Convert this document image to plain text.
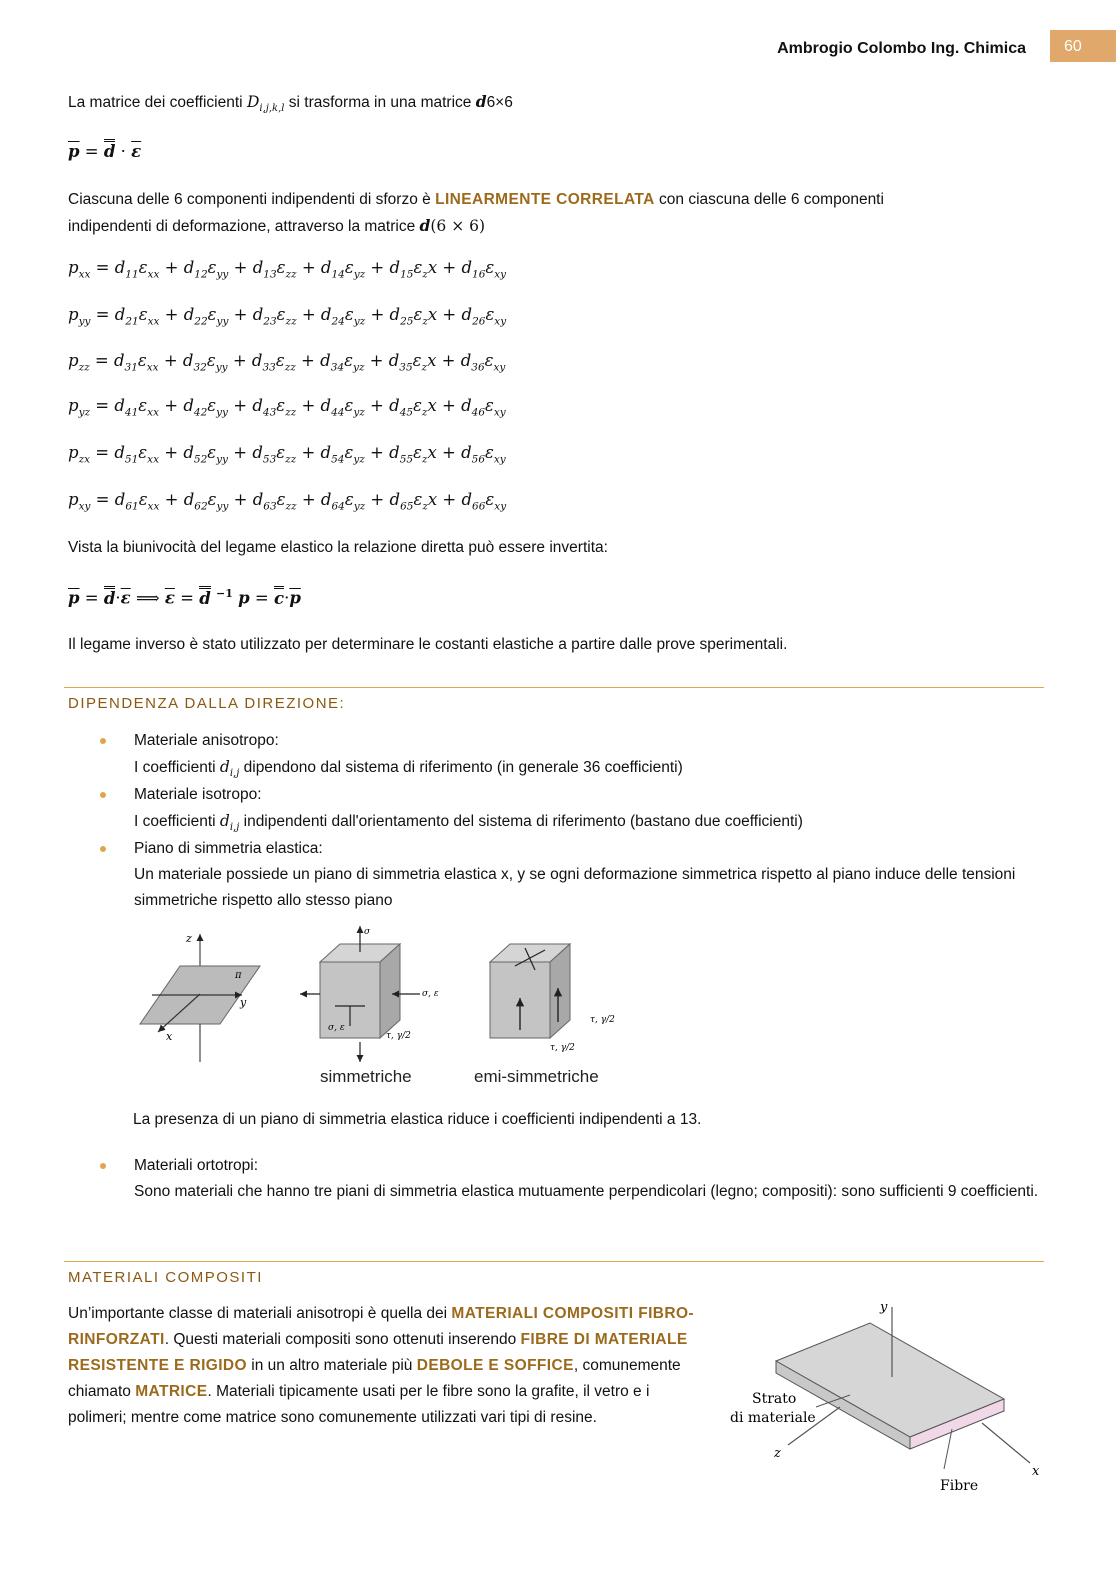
Ambrogio Colombo Ing. Chimica	60
La matrice dei coefficienti $D_{i,j,k,l}$ si trasforma in una matrice d6×6
$\overline{p} = d \cdot \overline{\varepsilon}$
Ciascuna delle 6 componenti indipendenti di sforzo è LINEARMENTE CORRELATA con ciascuna delle 6 componenti
indipendenti di deformazione, attraverso la matrice d(6 × 6)
$p_{xx} = d_{11}\varepsilon_{xx} + d_{12}\varepsilon_{yy} + d_{13}\varepsilon_{zz} + d_{14}\varepsilon_{yz} + d_{15}\varepsilon_zx + d_{16}\varepsilon_{xy}$
$p_{yy} = d_{21}\varepsilon_{xx} + d_{22}\varepsilon_{yy} + d_{23}\varepsilon_{zz} + d_{24}\varepsilon_{yz} + d_{25}\varepsilon_zx + d_{26}\varepsilon_{xy}$
$p_{zz} = d_{31}\varepsilon_{xx} + d_{32}\varepsilon_{yy} + d_{33}\varepsilon_{zz} + d_{34}\varepsilon_{yz} + d_{35}\varepsilon_zx + d_{36}\varepsilon_{xy}$
$p_{yz} = d_{41}\varepsilon_{xx} + d_{42}\varepsilon_{yy} + d_{43}\varepsilon_{zz} + d_{44}\varepsilon_{yz} + d_{45}\varepsilon_zx + d_{46}\varepsilon_{xy}$
$p_{zx} = d_{51}\varepsilon_{xx} + d_{52}\varepsilon_{yy} + d_{53}\varepsilon_{zz} + d_{54}\varepsilon_{yz} + d_{55}\varepsilon_zx + d_{56}\varepsilon_{xy}$
$p_{xy} = d_{61}\varepsilon_{xx} + d_{62}\varepsilon_{yy} + d_{63}\varepsilon_{zz} + d_{64}\varepsilon_{yz} + d_{65}\varepsilon_zx + d_{66}\varepsilon_{xy}$
Vista la biunivocità del legame elastico la relazione diretta può essere invertita:
$\overline{p} = d\cdot\overline{\varepsilon}$ ⟹ $\overline{\varepsilon} = d$ $^{-1}$ $p = c\cdot\overline{p}$
Il legame inverso è stato utilizzato per determinare le costanti elastiche a partire dalle prove sperimentali.
DIPENDENZA DALLA DIREZIONE:
Materiale anisotropo:
I coefficienti $d_{i,j}$ dipendono dal sistema di riferimento (in generale 36 coefficienti)
Materiale isotropo:
I coefficienti $d_{i,j}$ indipendenti dall'orientamento del sistema di riferimento (bastano due coefficienti)
Piano di simmetria elastica:
Un materiale possiede un piano di simmetria elastica x, y se ogni deformazione simmetrica rispetto al piano induce delle tensioni simmetriche rispetto allo stesso piano
z
π
y
x
σ
σ, ε
σ, ε
τ, γ/2
τ, γ/2
τ, γ/2
simmetriche	emi-simmetriche
La presenza di un piano di simmetria elastica riduce i coefficienti indipendenti a 13.
Materiali ortotropi:
Sono materiali che hanno tre piani di simmetria elastica mutuamente perpendicolari (legno; compositi): sono sufficienti 9 coefficienti.
MATERIALI COMPOSITI
Un’importante classe di materiali anisotropi è quella dei MATERIALI COMPOSITI FIBRO-RINFORZATI. Questi materiali compositi sono ottenuti inserendo FIBRE DI MATERIALE RESISTENTE E RIGIDO in un altro materiale più DEBOLE E SOFFICE, comunemente chiamato MATRICE. Materiali tipicamente usati per le fibre sono la grafite, il vetro e i polimeri; mentre come matrice sono comunemente utilizzati vari tipi di resine.
y
z
x
Strato
di materiale
Fibre
